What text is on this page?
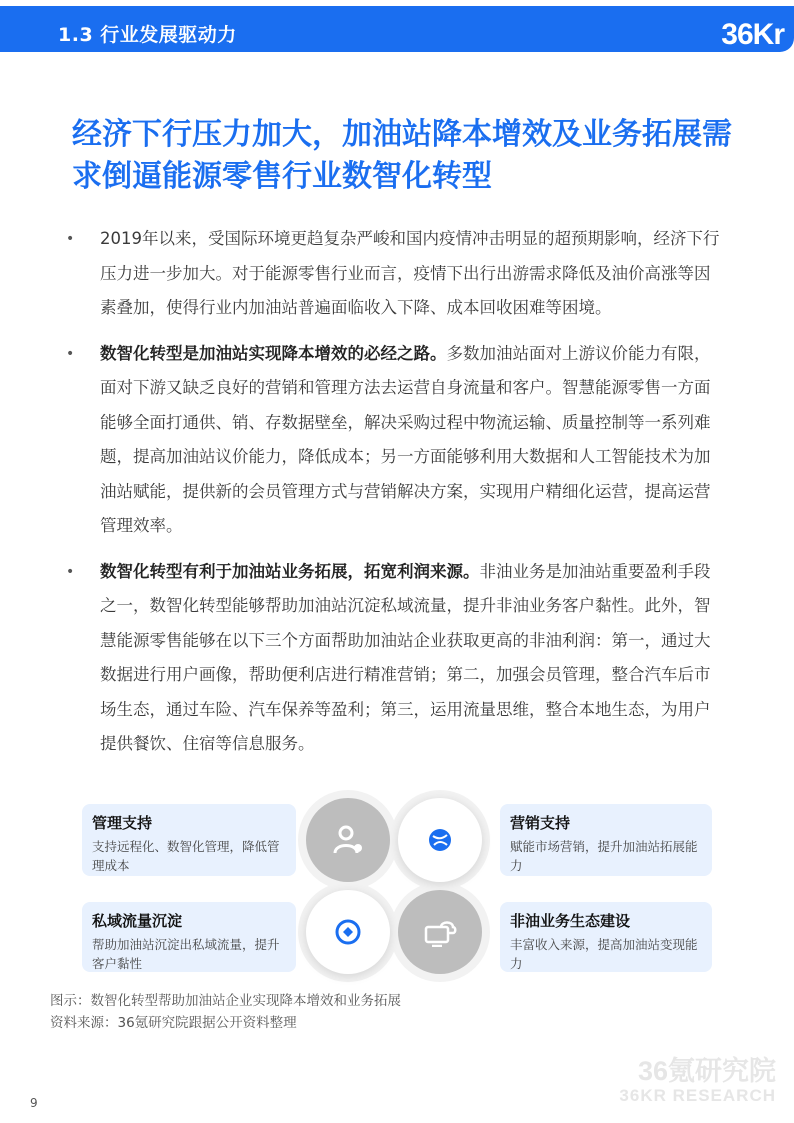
1.3 行业发展驱动力	36Kr
经济下行压力加大，加油站降本增效及业务拓展需求倒逼能源零售行业数智化转型
• 2019年以来，受国际环境更趋复杂严峻和国内疫情冲击明显的超预期影响，经济下行压力进一步加大。对于能源零售行业而言，疫情下出行出游需求降低及油价高涨等因素叠加，使得行业内加油站普遍面临收入下降、成本回收困难等困境。
• 数智化转型是加油站实现降本增效的必经之路。多数加油站面对上游议价能力有限，面对下游又缺乏良好的营销和管理方法去运营自身流量和客户。智慧能源零售一方面能够全面打通供、销、存数据壁垒，解决采购过程中物流运输、质量控制等一系列难题，提高加油站议价能力，降低成本；另一方面能够利用大数据和人工智能技术为加油站赋能，提供新的会员管理方式与营销解决方案，实现用户精细化运营，提高运营管理效率。
• 数智化转型有利于加油站业务拓展，拓宽利润来源。非油业务是加油站重要盈利手段之一，数智化转型能够帮助加油站沉淀私域流量，提升非油业务客户黏性。此外，智慧能源零售能够在以下三个方面帮助加油站企业获取更高的非油利润：第一，通过大数据进行用户画像，帮助便利店进行精准营销；第二，加强会员管理，整合汽车后市场生态，通过车险、汽车保养等盈利；第三，运用流量思维，整合本地生态，为用户提供餐饮、住宿等信息服务。
管理支持
支持远程化、数智化管理，降低管理成本
营销支持
赋能市场营销，提升加油站拓展能力
私域流量沉淀
帮助加油站沉淀出私域流量，提升客户黏性
非油业务生态建设
丰富收入来源，提高加油站变现能力
图示：数智化转型帮助加油站企业实现降本增效和业务拓展
资料来源：36氪研究院跟据公开资料整理
36氪研究院
36KR RESEARCH
9
